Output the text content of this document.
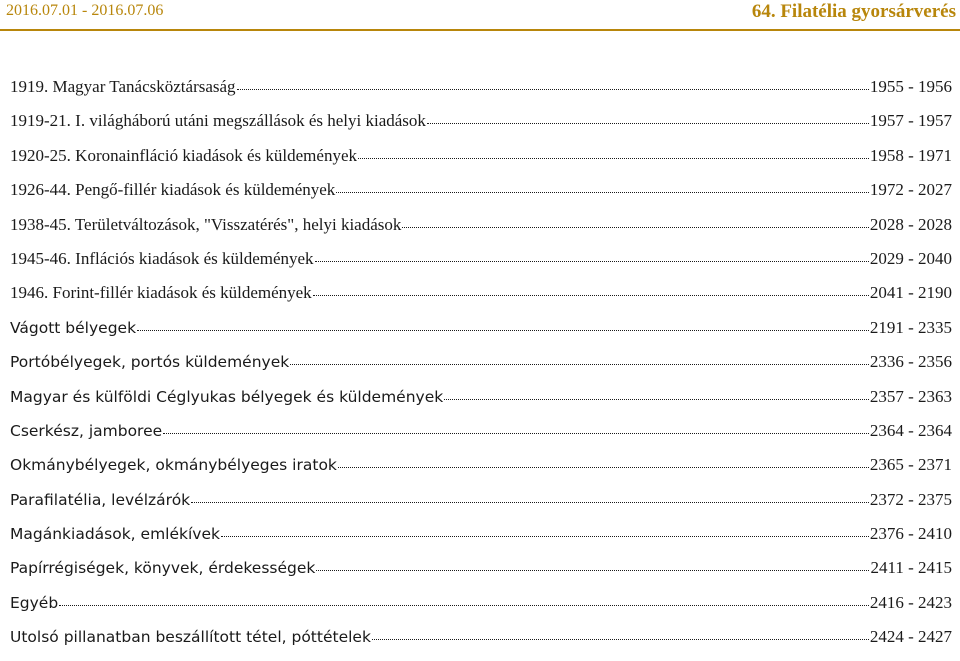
2016.07.01 - 2016.07.06	64. Filatélia gyorsárverés
1919. Magyar Tanácsköztársaság	1955 - 1956
1919-21. I. világháború utáni megszállások és helyi kiadások	1957 - 1957
1920-25. Koronainfláció kiadások és küldemények	1958 - 1971
1926-44. Pengő-fillér kiadások és küldemények	1972 - 2027
1938-45. Területváltozások, "Visszatérés", helyi kiadások	2028 - 2028
1945-46. Inflációs kiadások és küldemények	2029 - 2040
1946. Forint-fillér kiadások és küldemények	2041 - 2190
Vágott bélyegek	2191 - 2335
Portóbélyegek, portós küldemények	2336 - 2356
Magyar és külföldi Céglyukas bélyegek és küldemények	2357 - 2363
Cserkész, jamboree	2364 - 2364
Okmánybélyegek, okmánybélyeges iratok	2365 - 2371
Parafilatélia, levélzárók	2372 - 2375
Magánkiadások, emlékívek	2376 - 2410
Papírrégiségek, könyvek, érdekességek	2411 - 2415
Egyéb	2416 - 2423
Utolsó pillanatban beszállított tétel, póttételek	2424 - 2427
